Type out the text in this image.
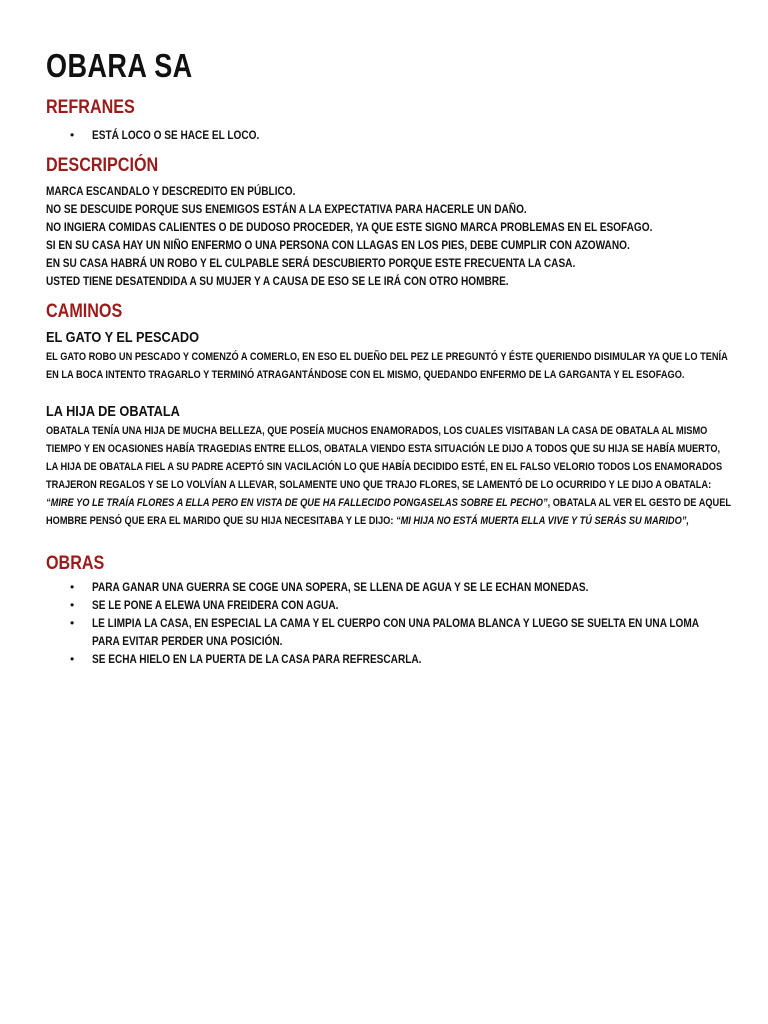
OBARA SA
REFRANES
• ESTÁ LOCO O SE HACE EL LOCO.
DESCRIPCIÓN
MARCA ESCANDALO Y DESCREDITO EN PÚBLICO.
NO SE DESCUIDE PORQUE SUS ENEMIGOS ESTÁN A LA EXPECTATIVA PARA HACERLE UN DAÑO.
NO INGIERA COMIDAS CALIENTES O DE DUDOSO PROCEDER, YA QUE ESTE SIGNO MARCA PROBLEMAS EN EL ESOFAGO.
SI EN SU CASA HAY UN NIÑO ENFERMO O UNA PERSONA CON LLAGAS EN LOS PIES, DEBE CUMPLIR CON AZOWANO.
EN SU CASA HABRÁ UN ROBO Y EL CULPABLE SERÁ DESCUBIERTO PORQUE ESTE FRECUENTA LA CASA.
USTED TIENE DESATENDIDA A SU MUJER Y A CAUSA DE ESO SE LE IRÁ CON OTRO HOMBRE.
CAMINOS
EL GATO Y EL PESCADO
EL GATO ROBO UN PESCADO Y COMENZÓ A COMERLO, EN ESO EL DUEÑO DEL PEZ LE PREGUNTÓ Y ÉSTE QUERIENDO DISIMULAR YA QUE LO TENÍA
EN LA BOCA INTENTO TRAGARLO Y TERMINÓ ATRAGANTÁNDOSE CON EL MISMO, QUEDANDO ENFERMO DE LA GARGANTA Y EL ESOFAGO.
LA HIJA DE OBATALA
OBATALA TENÍA UNA HIJA DE MUCHA BELLEZA, QUE POSEÍA MUCHOS ENAMORADOS, LOS CUALES VISITABAN LA CASA DE OBATALA AL MISMO
TIEMPO Y EN OCASIONES HABÍA TRAGEDIAS ENTRE ELLOS, OBATALA VIENDO ESTA SITUACIÓN LE DIJO A TODOS QUE SU HIJA SE HABÍA MUERTO,
LA HIJA DE OBATALA FIEL A SU PADRE ACEPTÓ SIN VACILACIÓN LO QUE HABÍA DECIDIDO ESTÉ, EN EL FALSO VELORIO TODOS LOS ENAMORADOS
TRAJERON REGALOS Y SE LO VOLVÍAN A LLEVAR, SOLAMENTE UNO QUE TRAJO FLORES, SE LAMENTÓ DE LO OCURRIDO Y LE DIJO A OBATALA:
“MIRE YO LE TRAÍA FLORES A ELLA PERO EN VISTA DE QUE HA FALLECIDO PONGASELAS SOBRE EL PECHO”, OBATALA AL VER EL GESTO DE AQUEL
HOMBRE PENSÓ QUE ERA EL MARIDO QUE SU HIJA NECESITABA Y LE DIJO: “MI HIJA NO ESTÁ MUERTA ELLA VIVE Y TÚ SERÁS SU MARIDO”,
OBRAS
• PARA GANAR UNA GUERRA SE COGE UNA SOPERA, SE LLENA DE AGUA Y SE LE ECHAN MONEDAS.
• SE LE PONE A ELEWA UNA FREIDERA CON AGUA.
• LE LIMPIA LA CASA, EN ESPECIAL LA CAMA Y EL CUERPO CON UNA PALOMA BLANCA Y LUEGO SE SUELTA EN UNA LOMA
PARA EVITAR PERDER UNA POSICIÓN.
• SE ECHA HIELO EN LA PUERTA DE LA CASA PARA REFRESCARLA.
